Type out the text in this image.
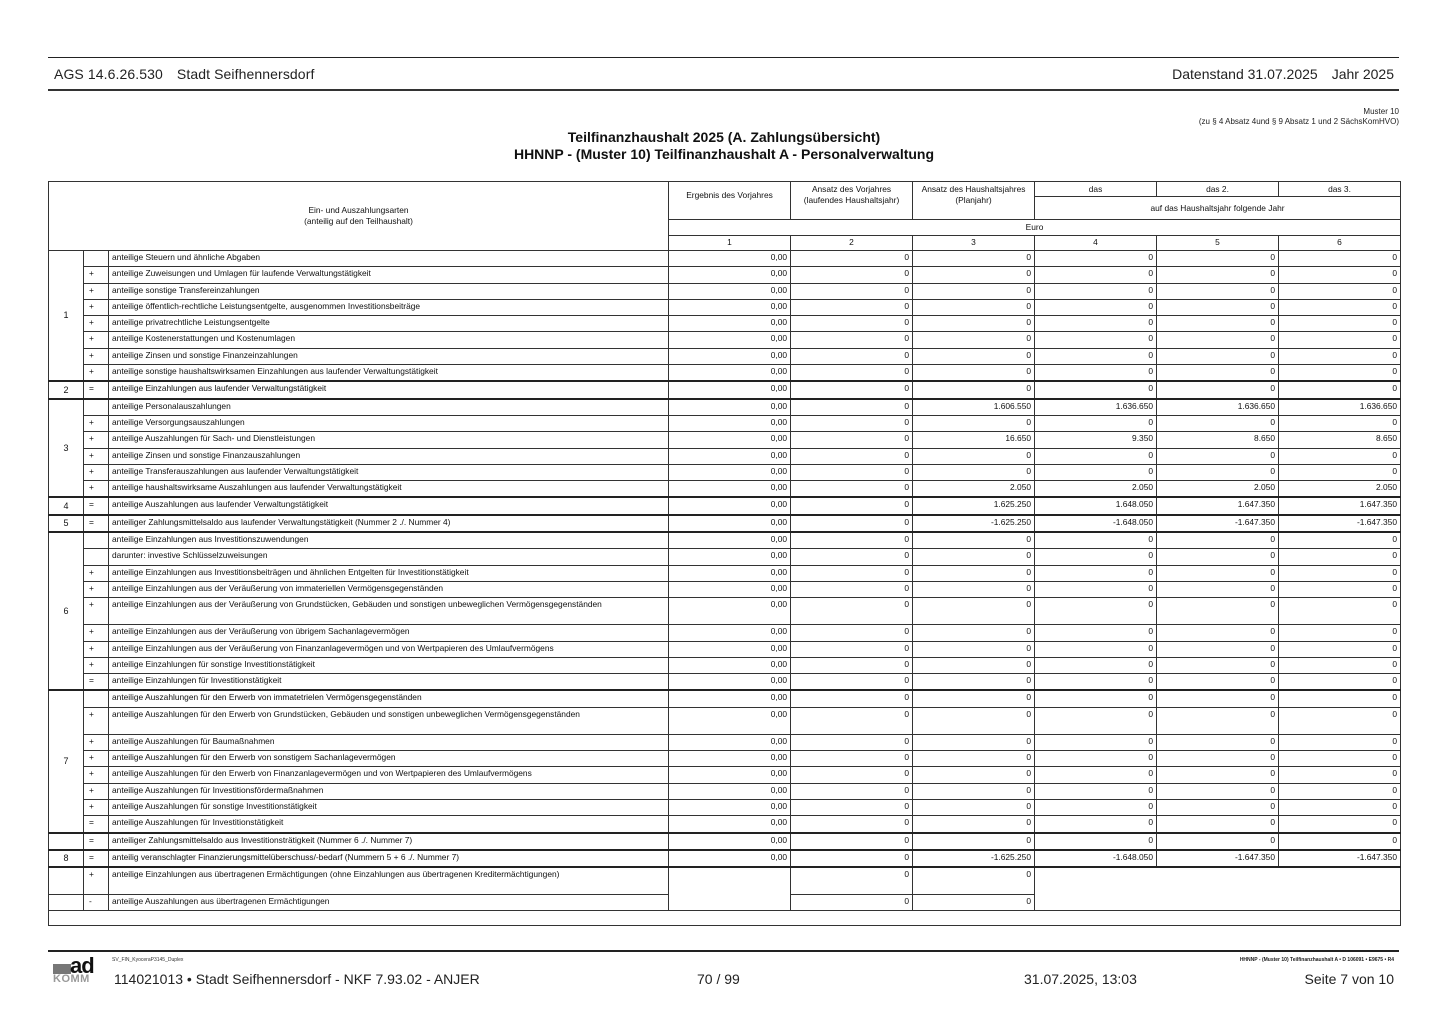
AGS 14.6.26.530 Stadt Seifhennersdorf	Datenstand 31.07.2025 Jahr 2025
Muster 10
(zu § 4 Absatz 4und § 9 Absatz 1 und 2 SächsKomHVO)
Teilfinanzhaushalt 2025 (A. Zahlungsübersicht)
HHNNP - (Muster 10) Teilfinanzhaushalt A - Personalverwaltung
Ein- und Auszahlungsarten
(anteilig auf den Teilhaushalt)			Ergebnis des Vorjahres	Ansatz des Vorjahres (laufendes Haushaltsjahr)	Ansatz des Haushaltsjahres (Planjahr)	das	das 2.	das 3.
						auf das Haushaltsjahr folgende Jahr		
			Euro					
			1	2	3	4	5	6
1		anteilige Steuern und ähnliche Abgaben	0,00	0	0	0	0	0
	+	anteilige Zuweisungen und Umlagen für laufende Verwaltungstätigkeit	0,00	0	0	0	0	0
	+	anteilige sonstige Transfereinzahlungen	0,00	0	0	0	0	0
	+	anteilige öffentlich-rechtliche Leistungsentgelte, ausgenommen Investitionsbeiträge	0,00	0	0	0	0	0
	+	anteilige privatrechtliche Leistungsentgelte	0,00	0	0	0	0	0
	+	anteilige Kostenerstattungen und Kostenumlagen	0,00	0	0	0	0	0
	+	anteilige Zinsen und sonstige Finanzeinzahlungen	0,00	0	0	0	0	0
	+	anteilige sonstige haushaltswirksamen Einzahlungen aus laufender Verwaltungstätigkeit	0,00	0	0	0	0	0
2	=	anteilige Einzahlungen aus laufender Verwaltungstätigkeit	0,00	0	0	0	0	0
3		anteilige Personalauszahlungen	0,00	0	1.606.550	1.636.650	1.636.650	1.636.650
	+	anteilige Versorgungsauszahlungen	0,00	0	0	0	0	0
	+	anteilige Auszahlungen für Sach- und Dienstleistungen	0,00	0	16.650	9.350	8.650	8.650
	+	anteilige Zinsen und sonstige Finanzauszahlungen	0,00	0	0	0	0	0
	+	anteilige Transferauszahlungen aus laufender Verwaltungstätigkeit	0,00	0	0	0	0	0
	+	anteilige haushaltswirksame Auszahlungen aus laufender Verwaltungstätigkeit	0,00	0	2.050	2.050	2.050	2.050
4	=	anteilige Auszahlungen aus laufender Verwaltungstätigkeit	0,00	0	1.625.250	1.648.050	1.647.350	1.647.350
5	=	anteiliger Zahlungsmittelsaldo aus laufender Verwaltungstätigkeit (Nummer 2 ./. Nummer 4)	0,00	0	-1.625.250	-1.648.050	-1.647.350	-1.647.350
6		anteilige Einzahlungen aus Investitionszuwendungen	0,00	0	0	0	0	0
		darunter: investive Schlüsselzuweisungen	0,00	0	0	0	0	0
	+	anteilige Einzahlungen aus Investitionsbeiträgen und ähnlichen Entgelten für Investitionstätigkeit	0,00	0	0	0	0	0
	+	anteilige Einzahlungen aus der Veräußerung von immateriellen Vermögensgegenständen	0,00	0	0	0	0	0
	+	anteilige Einzahlungen aus der Veräußerung von Grundstücken, Gebäuden und sonstigen unbeweglichen Vermögensgegenständen	0,00	0	0	0	0	0
	+	anteilige Einzahlungen aus der Veräußerung von übrigem Sachanlagevermögen	0,00	0	0	0	0	0
	+	anteilige Einzahlungen aus der Veräußerung von Finanzanlagevermögen und von Wertpapieren des Umlaufvermögens	0,00	0	0	0	0	0
	+	anteilige Einzahlungen für sonstige Investitionstätigkeit	0,00	0	0	0	0	0
	=	anteilige Einzahlungen für Investitionstätigkeit	0,00	0	0	0	0	0
7		anteilige Auszahlungen für den Erwerb von immatetrielen Vermögensgegenständen	0,00	0	0	0	0	0
	+	anteilige Auszahlungen für den Erwerb von Grundstücken, Gebäuden und sonstigen unbeweglichen Vermögensgegenständen	0,00	0	0	0	0	0
	+	anteilige Auszahlungen für Baumaßnahmen	0,00	0	0	0	0	0
	+	anteilige Auszahlungen für den Erwerb von sonstigem Sachanlagevermögen	0,00	0	0	0	0	0
	+	anteilige Auszahlungen für den Erwerb von Finanzanlagevermögen und von Wertpapieren des Umlaufvermögens	0,00	0	0	0	0	0
	+	anteilige Auszahlungen für Investitionsfördermaßnahmen	0,00	0	0	0	0	0
	+	anteilige Auszahlungen für sonstige Investitionstätigkeit	0,00	0	0	0	0	0
	=	anteilige Auszahlungen für Investitionstätigkeit	0,00	0	0	0	0	0
	=	anteiliger Zahlungsmittelsaldo aus Investitionsträtigkeit (Nummer 6 ./. Nummer 7)	0,00	0	0	0	0	0
8	=	anteilig veranschlagter Finanzierungsmittelüberschuss/-bedarf (Nummern 5 + 6 ./. Nummer 7)	0,00	0	-1.625.250	-1.648.050	-1.647.350	-1.647.350
	+	anteilige Einzahlungen aus übertragenen Ermächtigungen (ohne Einzahlungen aus übertragenen Kreditermächtigungen)		0	0			
	-	anteilige Auszahlungen aus übertragenen Ermächtigungen		0	0			

ad
KOMM
SV_FIN_KyoceraP3145_Duplex
114021013 • Stadt Seifhennersdorf - NKF 7.93.02 - ANJER	70 / 99	31.07.2025, 13:03
HHNNP - (Muster 10) Teilfinanzhaushalt A • D 106091 • E9675 • R4
Seite 7 von 10
